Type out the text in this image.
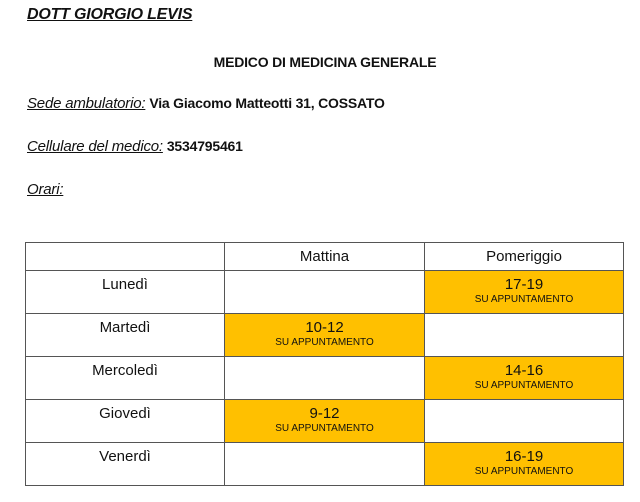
DOTT GIORGIO LEVIS
MEDICO DI MEDICINA GENERALE
Sede ambulatorio: Via Giacomo Matteotti 31, COSSATO
Cellulare del medico: 3534795461
Orari:
	Mattina	Pomeriggio
Lunedì		17-19
SU APPUNTAMENTO

Martedì	10-12
SU APPUNTAMENTO	

Mercoledì		14-16
SU APPUNTAMENTO

Giovedì	9-12
SU APPUNTAMENTO	

Venerdì		16-19
SU APPUNTAMENTO
